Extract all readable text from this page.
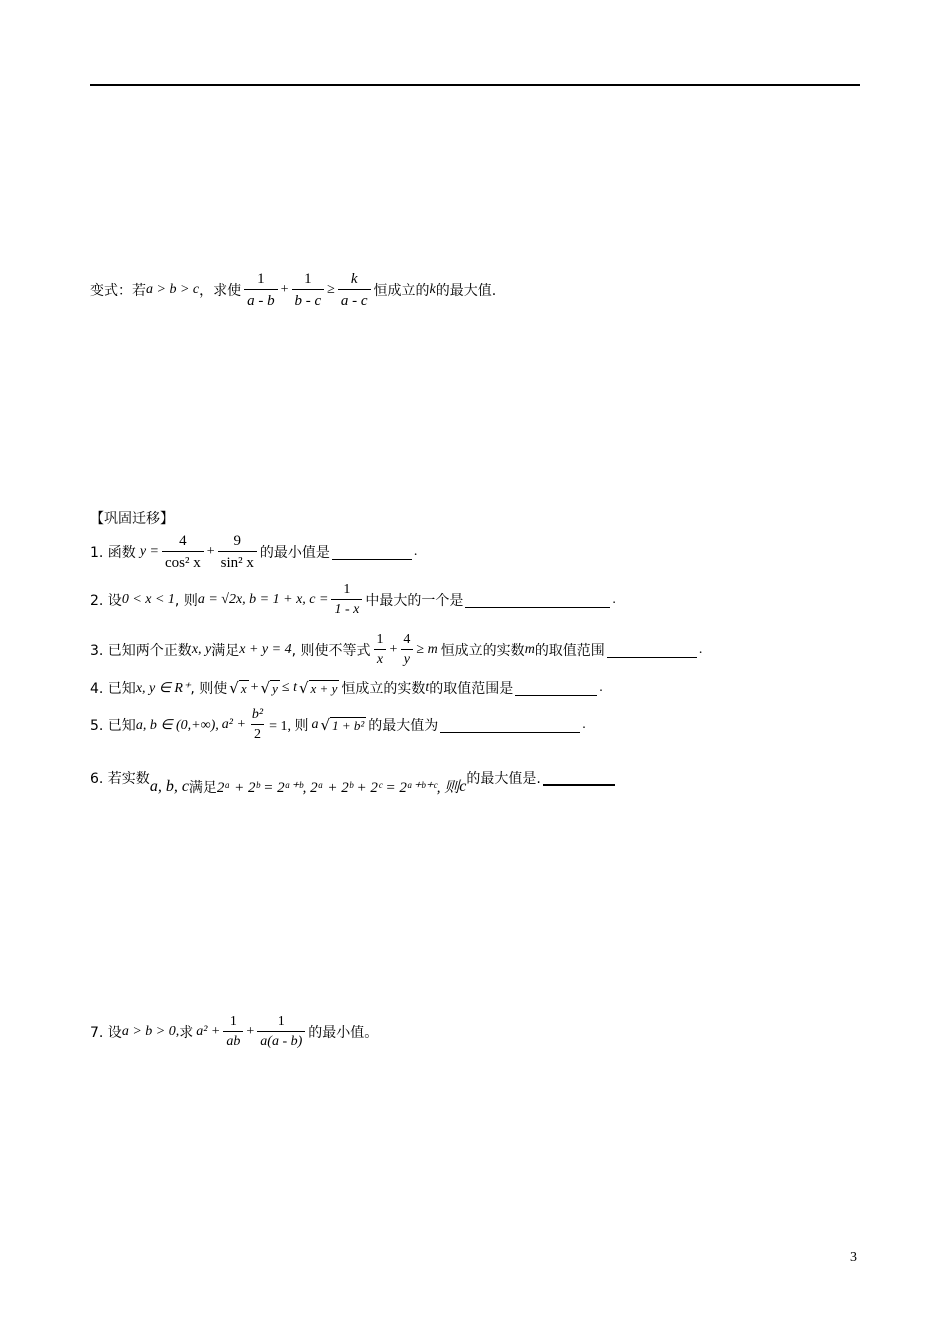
变式：若 a > b > c ，求使 $\frac{1}{a - b} + \frac{1}{b - c} \ge \frac{k}{a - c}$ 恒成立的 k 的最大值.
【巩固迁移】
1. 函数 $y = \frac{4}{\text{cos² x}} + \frac{9}{\text{sin² x}}$ 的最小值是	.
2. 设 0 < x < 1 , 则 a = √2x, b = 1 + x, $c = \frac{1}{1 - x}$ 中最大的一个是	.
3. 已知两个正数 x, y 满足 x + y = 4 , 则使不等式 $\frac{1}{x} + \frac{4}{y} \ge m$ 恒成立的实数 m 的取值范围	.
4. 已知 x, y ∈ R⁺ , 则使 √ x + √ y ≤ t √ x + y 恒成立的实数 t 的取值范围是	.
5. 已知 a, b ∈ (0,+∞), $a^2 + \frac{\text{b²}}{2} = 1$, 则 a √ 1 + b² 的最大值为	.
6. 若实数 a, b, c 满足 2ᵃ + 2ᵇ = 2ᵃ⁺ᵇ, 2ᵃ + 2ᵇ + 2ᶜ = 2ᵃ⁺ᵇ⁺ᶜ, 则 c 的最大值是.
7. 设 a > b > 0, 求 $a^2 + \frac{1}{ab} + \frac{1}{a(a - b)}$ 的最小值。
3
